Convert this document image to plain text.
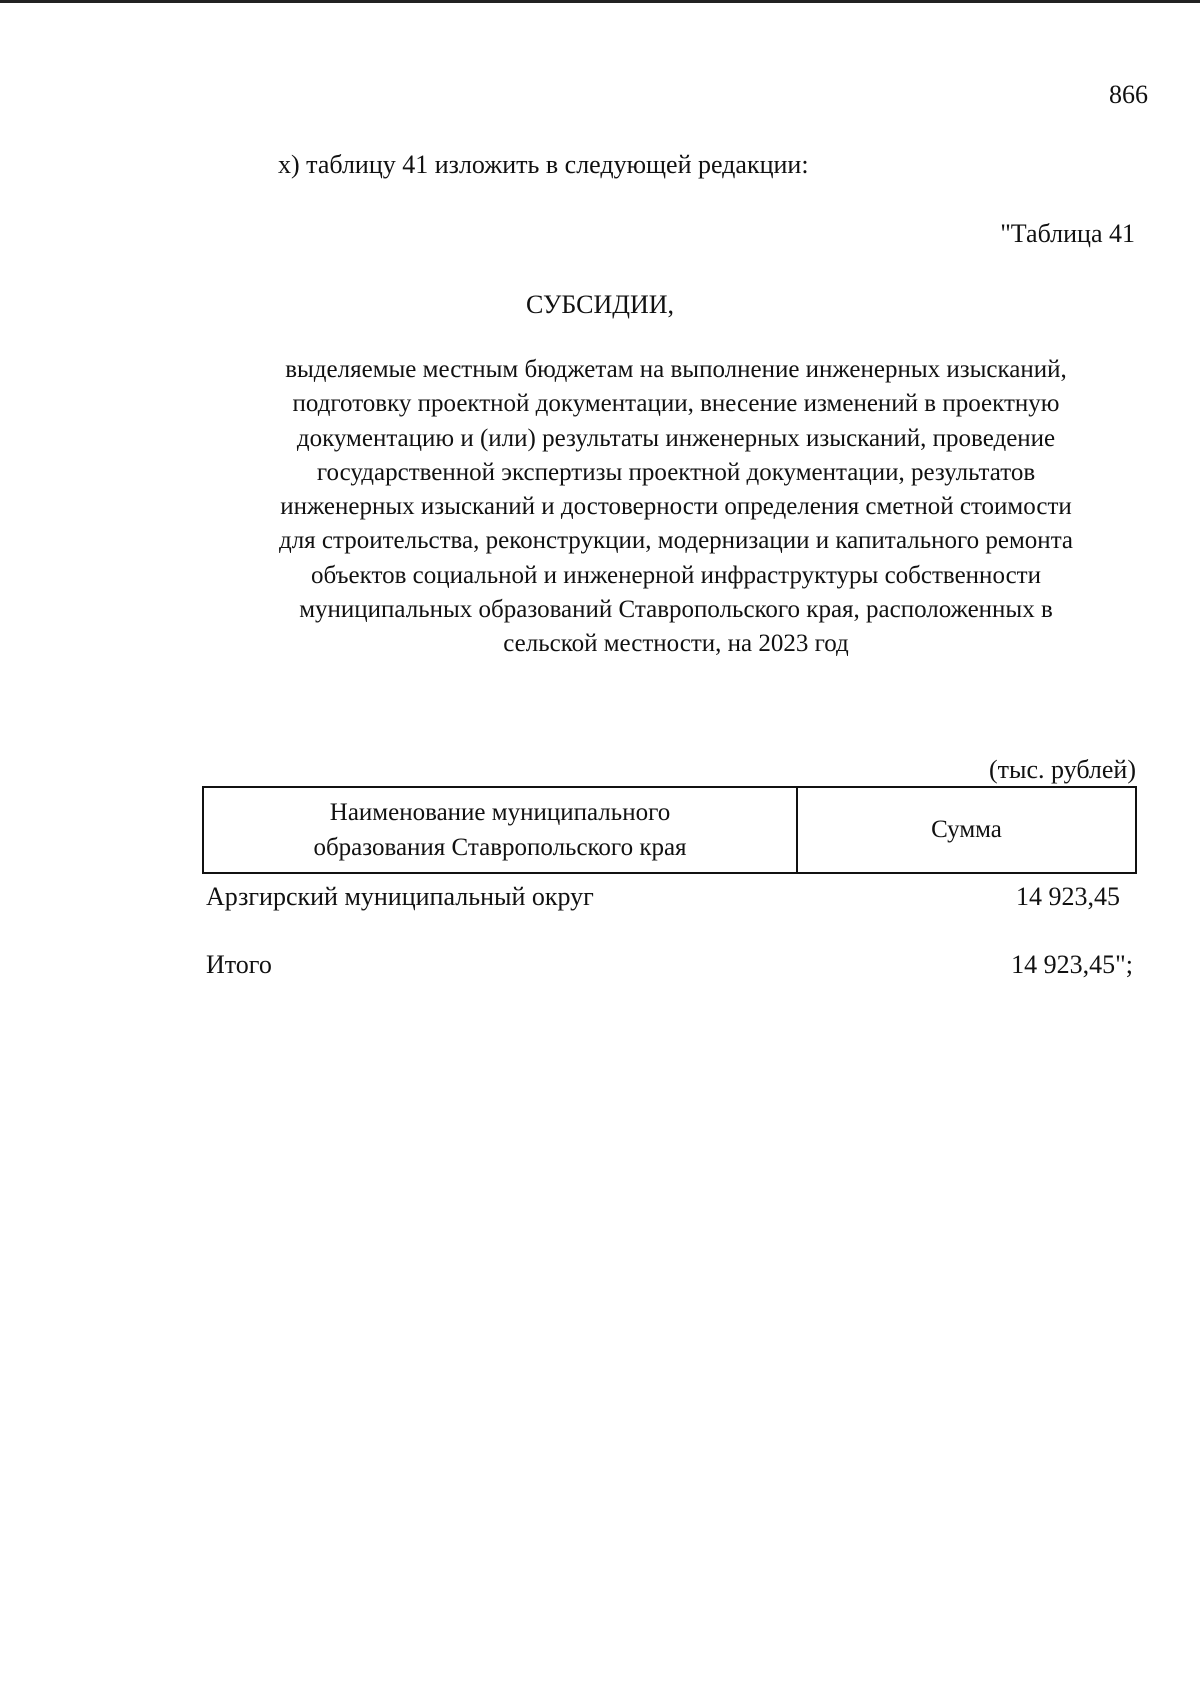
866
х) таблицу 41 изложить в следующей редакции:
"Таблица 41
СУБСИДИИ,
выделяемые местным бюджетам на выполнение инженерных изысканий,
подготовку проектной документации, внесение изменений в проектную
документацию и (или) результаты инженерных изысканий, проведение
государственной экспертизы проектной документации, результатов
инженерных изысканий и достоверности определения сметной стоимости
для строительства, реконструкции, модернизации и капитального ремонта
объектов социальной и инженерной инфраструктуры собственности
муниципальных образований Ставропольского края, расположенных в
сельской местности, на 2023 год
(тыс. рублей)
Наименование муниципального
образования Ставропольского края
Сумма
Арзгирский муниципальный округ	14 923,45
Итого	14 923,45";
